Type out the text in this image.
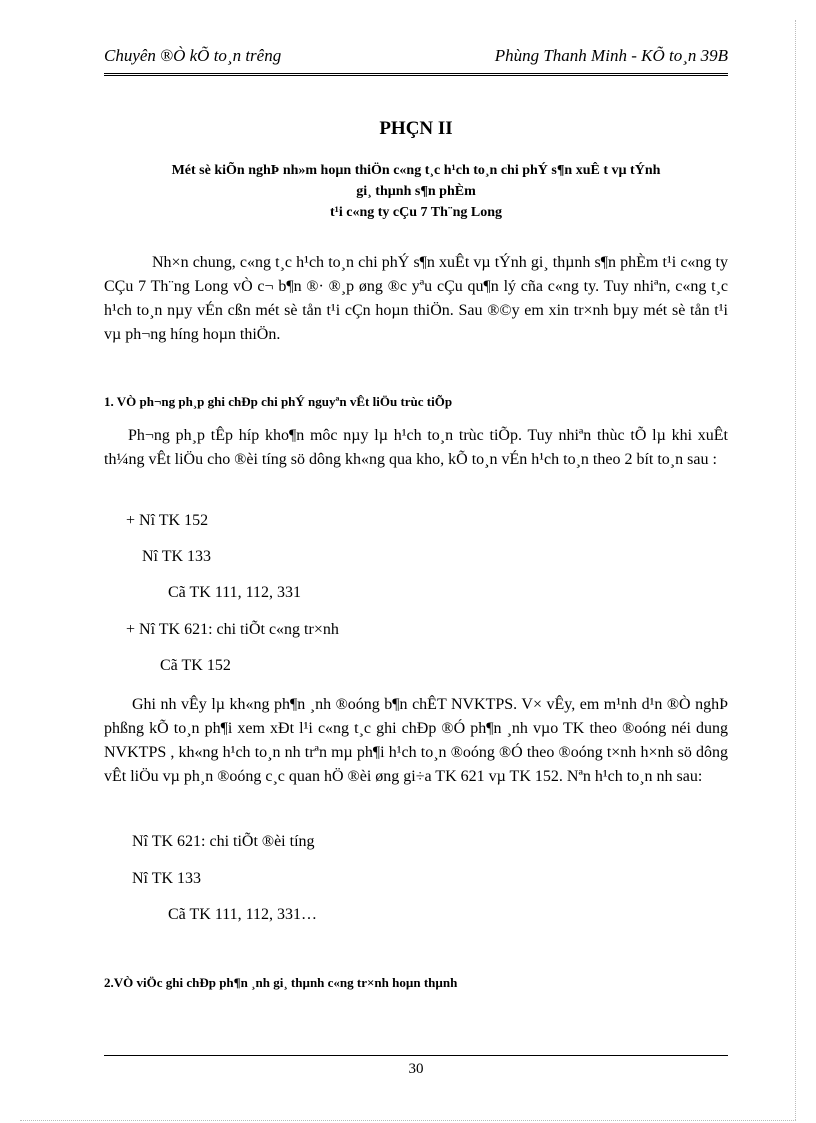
Chuyên ®Ò kÕ to¸n trêng	Phùng Thanh Minh - KÕ to¸n 39B
PHÇN II
Mét sè kiÕn nghÞ nh»m hoµn thiÖn c«ng t¸c h¹ch to¸n chi phÝ s¶n xuÊ t vµ tÝnh
gi¸ thµnh s¶n phÈm
t¹i c«ng ty cÇu 7 Th¨ng Long
Nh×n chung, c«ng t¸c h¹ch to¸n chi phÝ s¶n xuÊt vµ tÝnh gi¸ thµnh s¶n phÈm t¹i c«ng ty CÇu 7 Th¨ng Long vÒ c¬ b¶n ®· ®¸p øng ®c yªu cÇu qu¶n lý cña c«ng ty. Tuy nhiªn, c«ng t¸c h¹ch to¸n nµy vÉn cßn mét sè tån t¹i cÇn hoµn thiÖn. Sau ®©y em xin tr×nh bµy mét sè tån t¹i vµ ph¬ng híng hoµn thiÖn.
1. VÒ ph¬ng ph¸p ghi chÐp chi phÝ nguyªn vÊt liÖu trùc tiÕp
Ph¬ng ph¸p tÊp híp kho¶n môc nµy lµ h¹ch to¸n trùc tiÕp. Tuy nhiªn thùc tÕ lµ khi xuÊt th¼ng vÊt liÖu cho ®èi tíng sö dông kh«ng qua kho, kÕ to¸n vÉn h¹ch to¸n theo 2 bít to¸n sau :
+ Nî TK 152
Nî TK 133
Cã TK 111, 112, 331
+ Nî TK 621: chi tiÕt c«ng tr×nh
Cã TK 152
Ghi nh vÊy lµ kh«ng ph¶n ¸nh ®oóng b¶n chÊT NVKTPS. V× vÊy, em m¹nh d¹n ®Ò nghÞ phßng kÕ to¸n ph¶i xem xÐt l¹i c«ng t¸c ghi chÐp ®Ó ph¶n ¸nh vµo TK theo ®oóng néi dung NVKTPS , kh«ng h¹ch to¸n nh trªn mµ ph¶i h¹ch to¸n ®oóng ®Ó theo ®oóng t×nh h×nh sö dông vÊt liÖu vµ ph¸n ®oóng c¸c quan hÖ ®èi øng gi÷a TK 621 vµ TK 152. Nªn h¹ch to¸n nh sau:
Nî TK 621: chi tiÕt ®èi tíng
Nî TK 133
Cã TK 111, 112, 331…
2.VÒ viÖc ghi chÐp ph¶n ¸nh gi¸ thµnh c«ng tr×nh hoµn thµnh
30
